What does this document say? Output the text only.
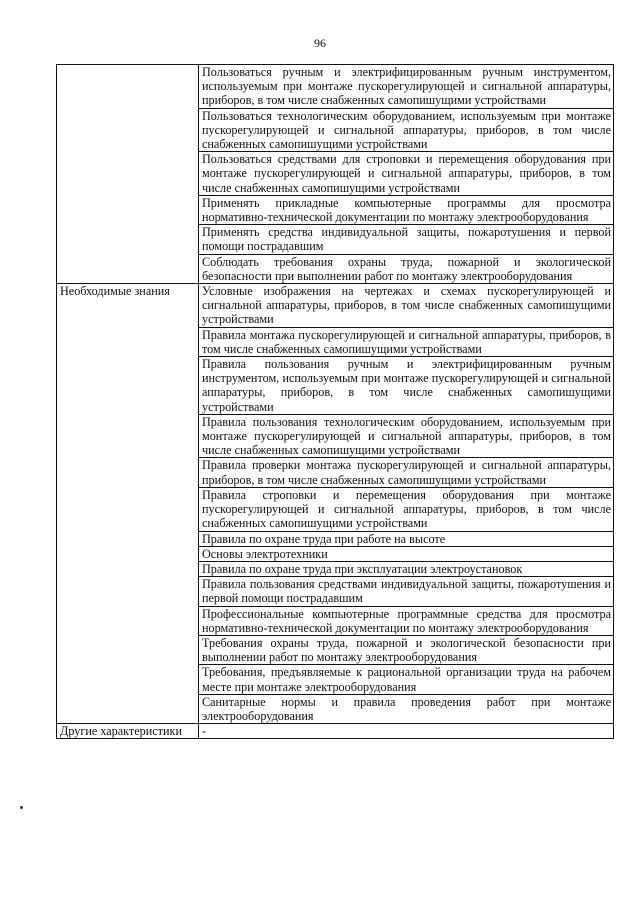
96
	Пользоваться ручным и электрифицированным ручным инструментом, используемым при монтаже пускорегулирующей и сигнальной аппаратуры, приборов, в том числе снабженных самопишущими устройствами
	Пользоваться технологическим оборудованием, используемым при монтаже пускорегулирующей и сигнальной аппаратуры, приборов, в том числе снабженных самопишущими устройствами
	Пользоваться средствами для строповки и перемещения оборудования при монтаже пускорегулирующей и сигнальной аппаратуры, приборов, в том числе снабженных самопишущими устройствами
	Применять прикладные компьютерные программы для просмотра нормативно-технической документации по монтажу электрооборудования
	Применять средства индивидуальной защиты, пожаротушения и первой помощи пострадавшим
	Соблюдать требования охраны труда, пожарной и экологической безопасности при выполнении работ по монтажу электрооборудования
Необходимые знания	Условные изображения на чертежах и схемах пускорегулирующей и сигнальной аппаратуры, приборов, в том числе снабженных самопишущими устройствами
	Правила монтажа пускорегулирующей и сигнальной аппаратуры, приборов, в том числе снабженных самопишущими устройствами
	Правила пользования ручным и электрифицированным ручным инструментом, используемым при монтаже пускорегулирующей и сигнальной аппаратуры, приборов, в том числе снабженных самопишущими устройствами
	Правила пользования технологическим оборудованием, используемым при монтаже пускорегулирующей и сигнальной аппаратуры, приборов, в том числе снабженных самопишущими устройствами
	Правила проверки монтажа пускорегулирующей и сигнальной аппаратуры, приборов, в том числе снабженных самопишущими устройствами
	Правила строповки и перемещения оборудования при монтаже пускорегулирующей и сигнальной аппаратуры, приборов, в том числе снабженных самопишущими устройствами
	Правила по охране труда при работе на высоте
	Основы электротехники
	Правила по охране труда при эксплуатации электроустановок
	Правила пользования средствами индивидуальной защиты, пожаротушения и первой помощи пострадавшим
	Профессиональные компьютерные программные средства для просмотра нормативно-технической документации по монтажу электрооборудования
	Требования охраны труда, пожарной и экологической безопасности при выполнении работ по монтажу электрооборудования
	Требования, предъявляемые к рациональной организации труда на рабочем месте при монтаже электрооборудования
	Санитарные нормы и правила проведения работ при монтаже электрооборудования
Другие характеристики	-
